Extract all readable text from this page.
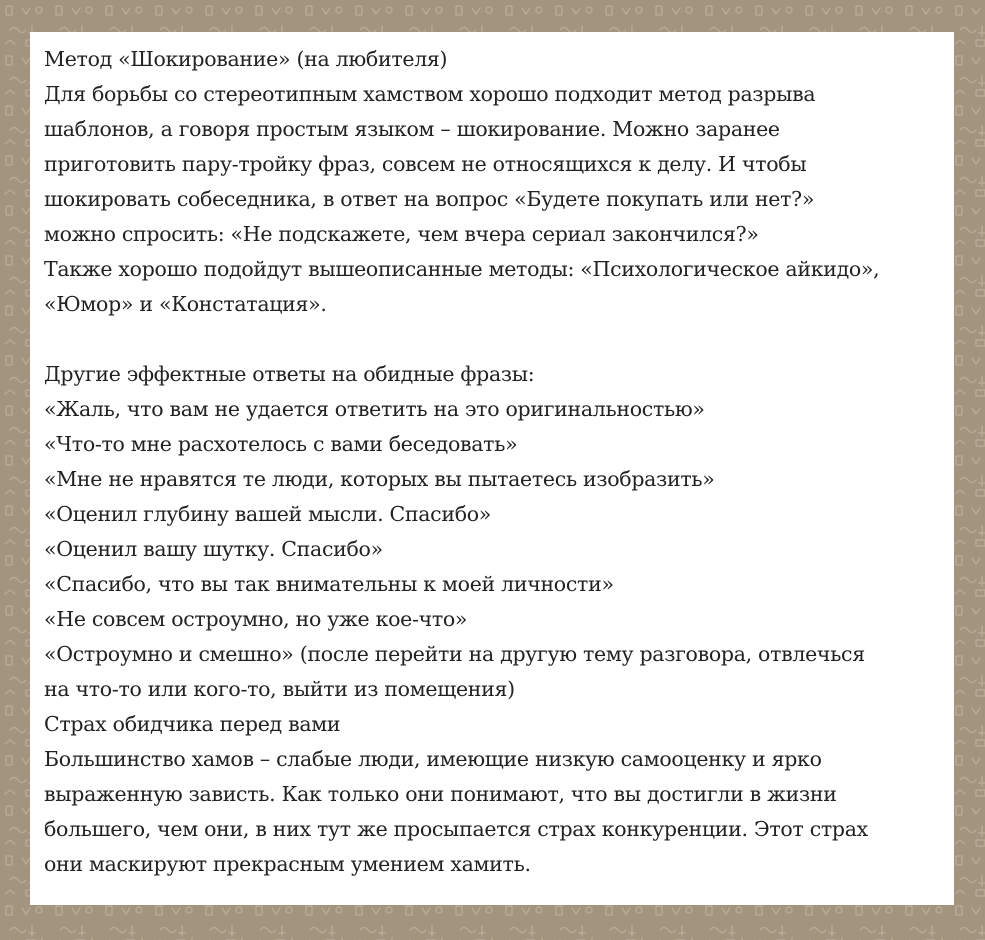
Метод «Шокирование» (на любителя)

Для борьбы со стереотипным хамством хорошо подходит метод разрыва

шаблонов, а говоря простым языком – шокирование. Можно заранее

приготовить пару-тройку фраз, совсем не относящихся к делу. И чтобы

шокировать собеседника, в ответ на вопрос «Будете покупать или нет?»

можно спросить: «Не подскажете, чем вчера сериал закончился?»

Также хорошо подойдут вышеописанные методы: «Психологическое айкидо»,

«Юмор» и «Констатация».

Другие эффектные ответы на обидные фразы:

«Жаль, что вам не удается ответить на это оригинальностью»

«Что-то мне расхотелось с вами беседовать»

«Мне не нравятся те люди, которых вы пытаетесь изобразить»

«Оценил глубину вашей мысли. Спасибо»

«Оценил вашу шутку. Спасибо»

«Спасибо, что вы так внимательны к моей личности»

«Не совсем остроумно, но уже кое-что»

«Остроумно и смешно» (после перейти на другую тему разговора, отвлечься

на что-то или кого-то, выйти из помещения)

Страх обидчика перед вами

Большинство хамов – слабые люди, имеющие низкую самооценку и ярко

выраженную зависть. Как только они понимают, что вы достигли в жизни

большего, чем они, в них тут же просыпается страх конкуренции. Этот страх

они маскируют прекрасным умением хамить.
